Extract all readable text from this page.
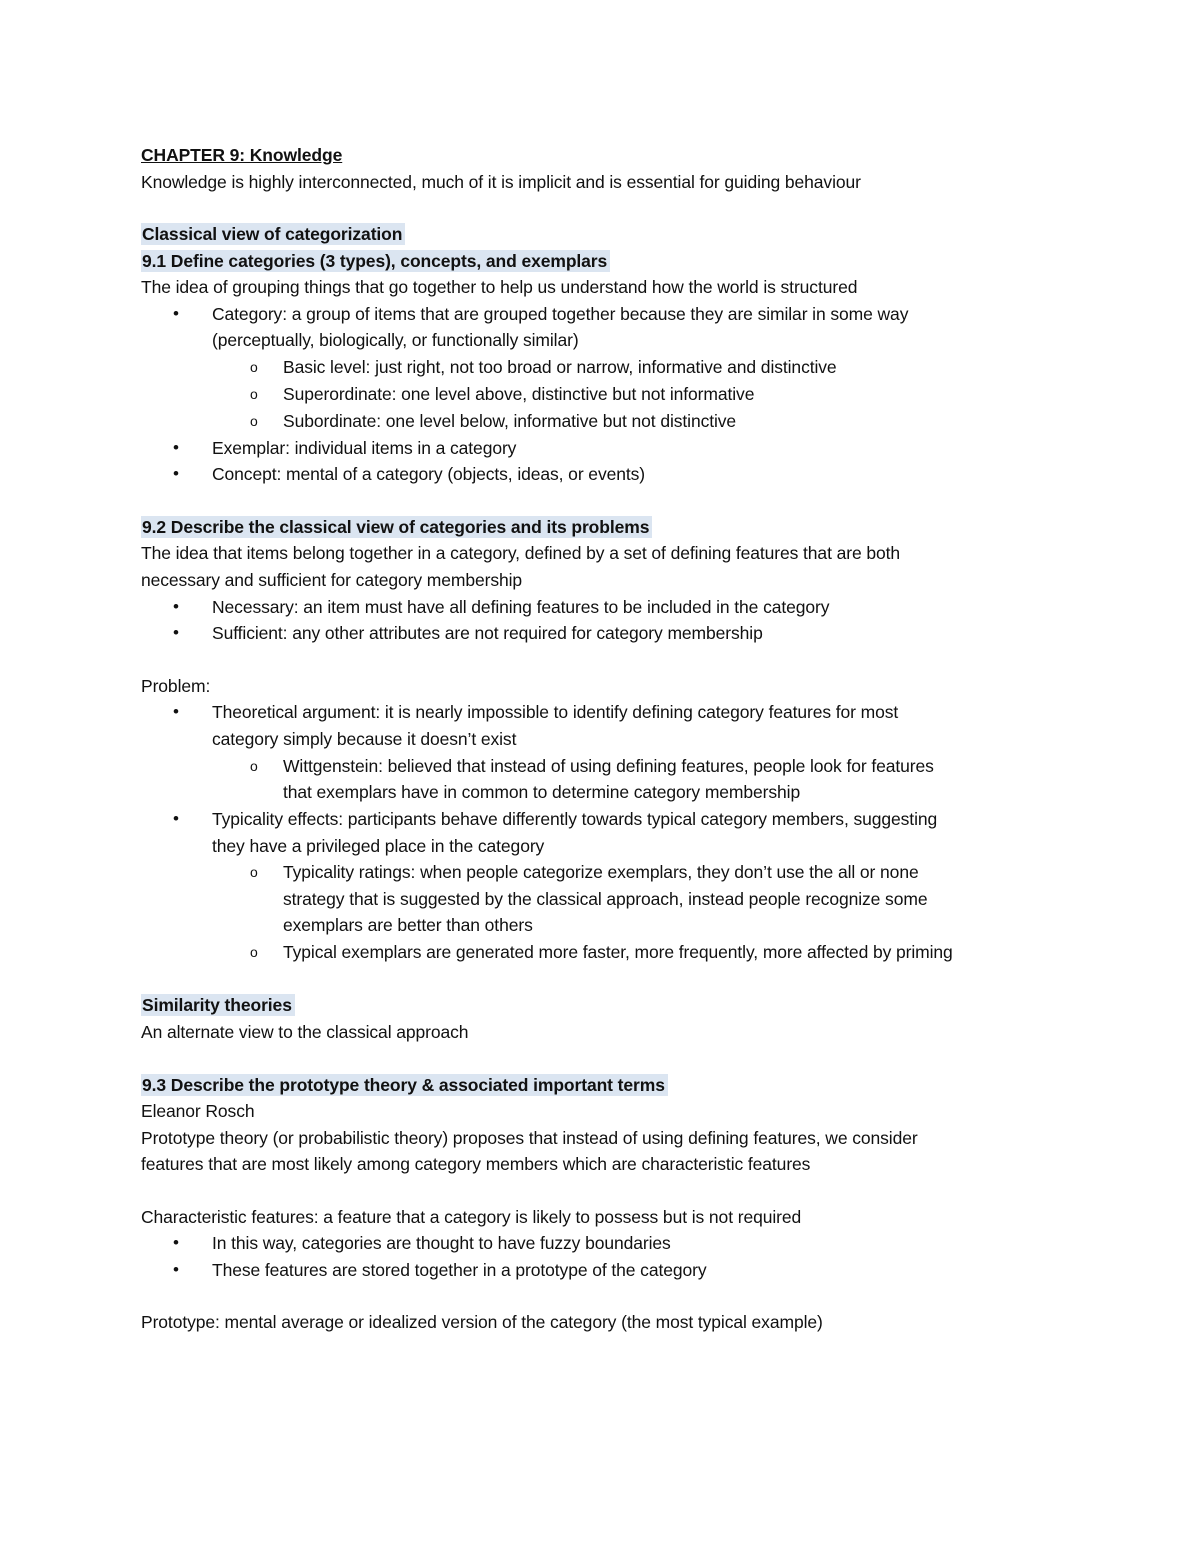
CHAPTER 9: Knowledge
Knowledge is highly interconnected, much of it is implicit and is essential for guiding behaviour
Classical view of categorization
9.1 Define categories (3 types), concepts, and exemplars
The idea of grouping things that go together to help us understand how the world is structured
• Category: a group of items that are grouped together because they are similar in some way
(perceptually, biologically, or functionally similar)
o Basic level: just right, not too broad or narrow, informative and distinctive
o Superordinate: one level above, distinctive but not informative
o Subordinate: one level below, informative but not distinctive
• Exemplar: individual items in a category
• Concept: mental of a category (objects, ideas, or events)
9.2 Describe the classical view of categories and its problems
The idea that items belong together in a category, defined by a set of defining features that are both
necessary and sufficient for category membership
• Necessary: an item must have all defining features to be included in the category
• Sufficient: any other attributes are not required for category membership
Problem:
• Theoretical argument: it is nearly impossible to identify defining category features for most
category simply because it doesn’t exist
o Wittgenstein: believed that instead of using defining features, people look for features
that exemplars have in common to determine category membership
• Typicality effects: participants behave differently towards typical category members, suggesting
they have a privileged place in the category
o Typicality ratings: when people categorize exemplars, they don’t use the all or none
strategy that is suggested by the classical approach, instead people recognize some
exemplars are better than others
o Typical exemplars are generated more faster, more frequently, more affected by priming
Similarity theories
An alternate view to the classical approach
9.3 Describe the prototype theory & associated important terms
Eleanor Rosch
Prototype theory (or probabilistic theory) proposes that instead of using defining features, we consider
features that are most likely among category members which are characteristic features
Characteristic features: a feature that a category is likely to possess but is not required
• In this way, categories are thought to have fuzzy boundaries
• These features are stored together in a prototype of the category
Prototype: mental average or idealized version of the category (the most typical example)
